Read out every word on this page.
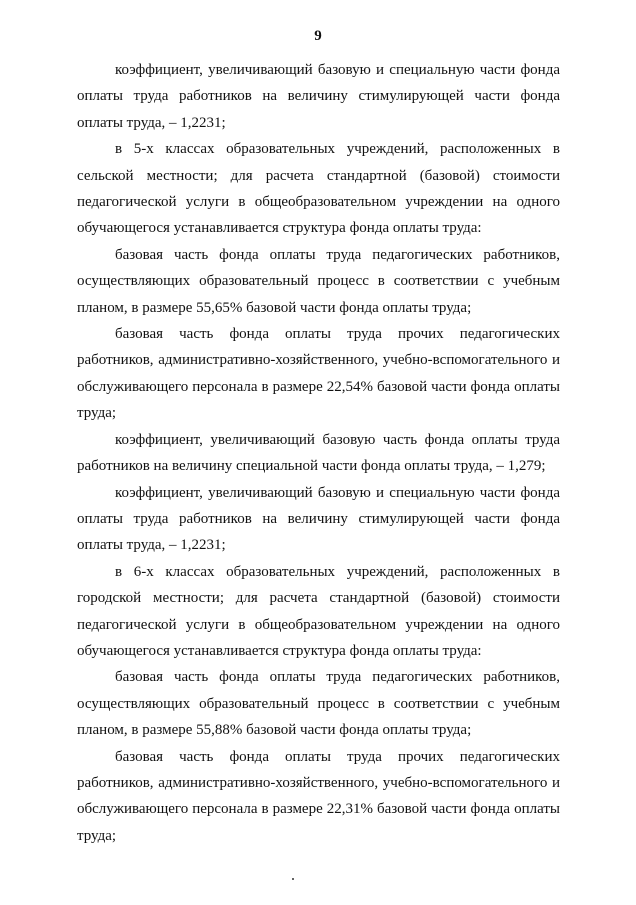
9

коэффициент, увеличивающий базовую и специальную части фонда оплаты труда работников на величину стимулирующей части фонда оплаты труда, – 1,2231;

в 5-х классах образовательных учреждений, расположенных в сельской местности; для расчета стандартной (базовой) стоимости педагогической услуги в общеобразовательном учреждении на одного обучающегося устанавливается структура фонда оплаты труда:

базовая часть фонда оплаты труда педагогических работников, осуществляющих образовательный процесс в соответствии с учебным планом, в размере 55,65% базовой части фонда оплаты труда;

базовая часть фонда оплаты труда прочих педагогических работников, административно-хозяйственного, учебно-вспомогательного и обслуживающего персонала в размере 22,54% базовой части фонда оплаты труда;

коэффициент, увеличивающий базовую часть фонда оплаты труда работников на величину специальной части фонда оплаты труда, – 1,279;

коэффициент, увеличивающий базовую и специальную части фонда оплаты труда работников на величину стимулирующей части фонда оплаты труда, – 1,2231;

в 6-х классах образовательных учреждений, расположенных в городской местности; для расчета стандартной (базовой) стоимости педагогической услуги в общеобразовательном учреждении на одного обучающегося устанавливается структура фонда оплаты труда:

базовая часть фонда оплаты труда педагогических работников, осуществляющих образовательный процесс в соответствии с учебным планом, в размере 55,88% базовой части фонда оплаты труда;

базовая часть фонда оплаты труда прочих педагогических работников, административно-хозяйственного, учебно-вспомогательного и обслуживающего персонала в размере 22,31% базовой части фонда оплаты труда;
